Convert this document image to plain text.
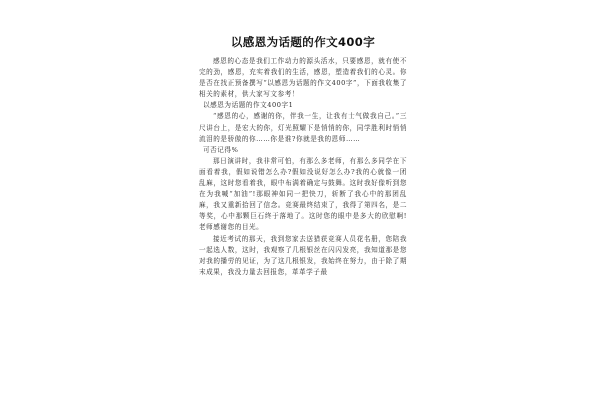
以感恩为话题的作文400字

感恩的心态是我们工作动力的源头活水，只要感恩，就有使不完的劲，感恩，充实着我们的生活，感恩，塑造着我们的心灵。你是否在找正预备撰写“以感恩为话题的作文400字”，下面我收集了相关的素材，供大家写文参考！

以感恩为话题的作文400字1

“感恩的心，感谢的你，伴我一生，让我有士气做我自己。”三尺讲台上，是宏大的你，灯光照耀下是悄悄的你，同学胜利时悄悄流泪的是骄傲的你……你是谁?你就是我的恩师……

可否记得%

那日演讲时，我非常可怕，有那么多老师，有那么多同学在下面看着我，假如说错怎么办?假如没说好怎么办?我的心就像一团乱麻，这时您看着我，眼中布满着确定与鼓舞。这时我好像听到您在为我喊“加油”!那眼神如同一把快刀，斩断了我心中的那团乱麻，我又重新拾回了信念。竞赛最终结束了，我得了第四名，是二等奖，心中那颗巨石终于落地了。这时您的眼中是多大的欣慰啊!老师感谢您的目光。

接近考试的那天，我到您家去送猎获竞赛人员花名册，您陪我一起选人数，这时，我观察了几根银丝在闪闪发亮，我知道那是您对我的播劳的见证，为了这几根银发，我始终在努力，由于除了期末成果，我没力量去回报您，革革学子最
